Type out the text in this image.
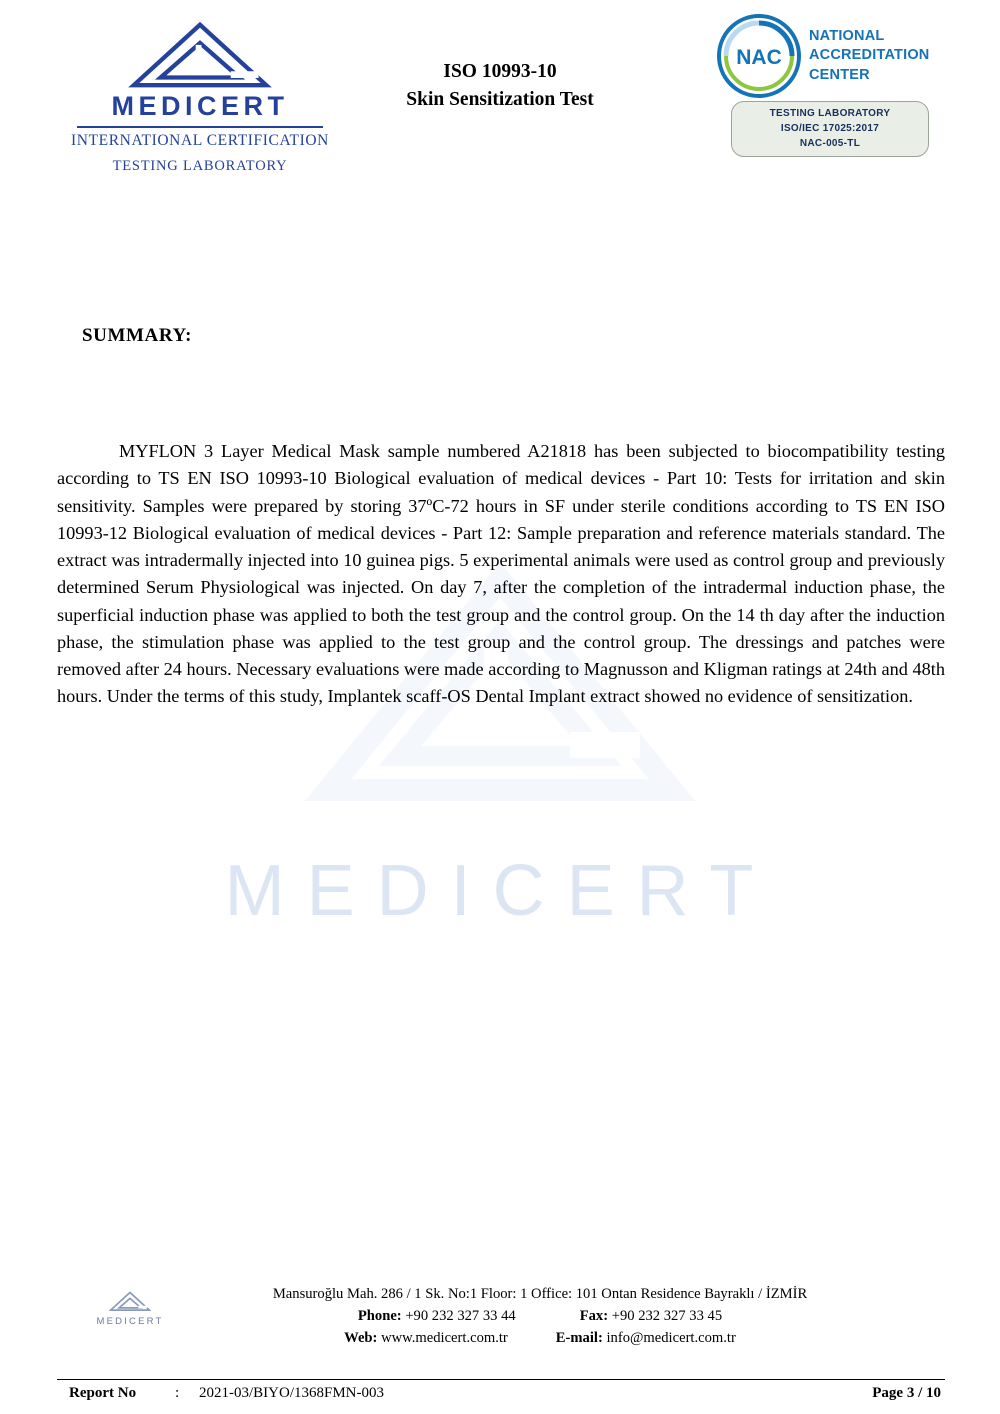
MEDICERT
MEDICERT
INTERNATIONAL CERTIFICATION
TESTING LABORATORY
ISO 10993-10
Skin Sensitization Test
NAC
NATIONAL
ACCREDITATION
CENTER
TESTING LABORATORY
ISO/IEC 17025:2017
NAC-005-TL
SUMMARY:
MYFLON 3 Layer Medical Mask sample numbered A21818 has been subjected to biocompatibility testing according to TS EN ISO 10993-10 Biological evaluation of medical devices - Part 10: Tests for irritation and skin sensitivity. Samples were prepared by storing 37ºC-72 hours in SF under sterile conditions according to TS EN ISO 10993-12 Biological evaluation of medical devices - Part 12: Sample preparation and reference materials standard. The extract was intradermally injected into 10 guinea pigs. 5 experimental animals were used as control group and previously determined Serum Physiological was injected. On day 7, after the completion of the intradermal induction phase, the superficial induction phase was applied to both the test group and the control group. On the 14 th day after the induction phase, the stimulation phase was applied to the test group and the control group. The dressings and patches were removed after 24 hours. Necessary evaluations were made according to Magnusson and Kligman ratings at 24th and 48th hours. Under the terms of this study, Implantek scaff-OS Dental Implant extract showed no evidence of sensitization.
MEDICERT
Mansuroğlu Mah. 286 / 1 Sk. No:1 Floor: 1 Office: 101 Ontan Residence Bayraklı / İZMİR
Phone: +90 232 327 33 44	Fax: +90 232 327 33 45
Web: www.medicert.com.tr	E-mail: info@medicert.com.tr
Report No	: 2021-03/BIYO/1368FMN-003	Page 3 / 10
